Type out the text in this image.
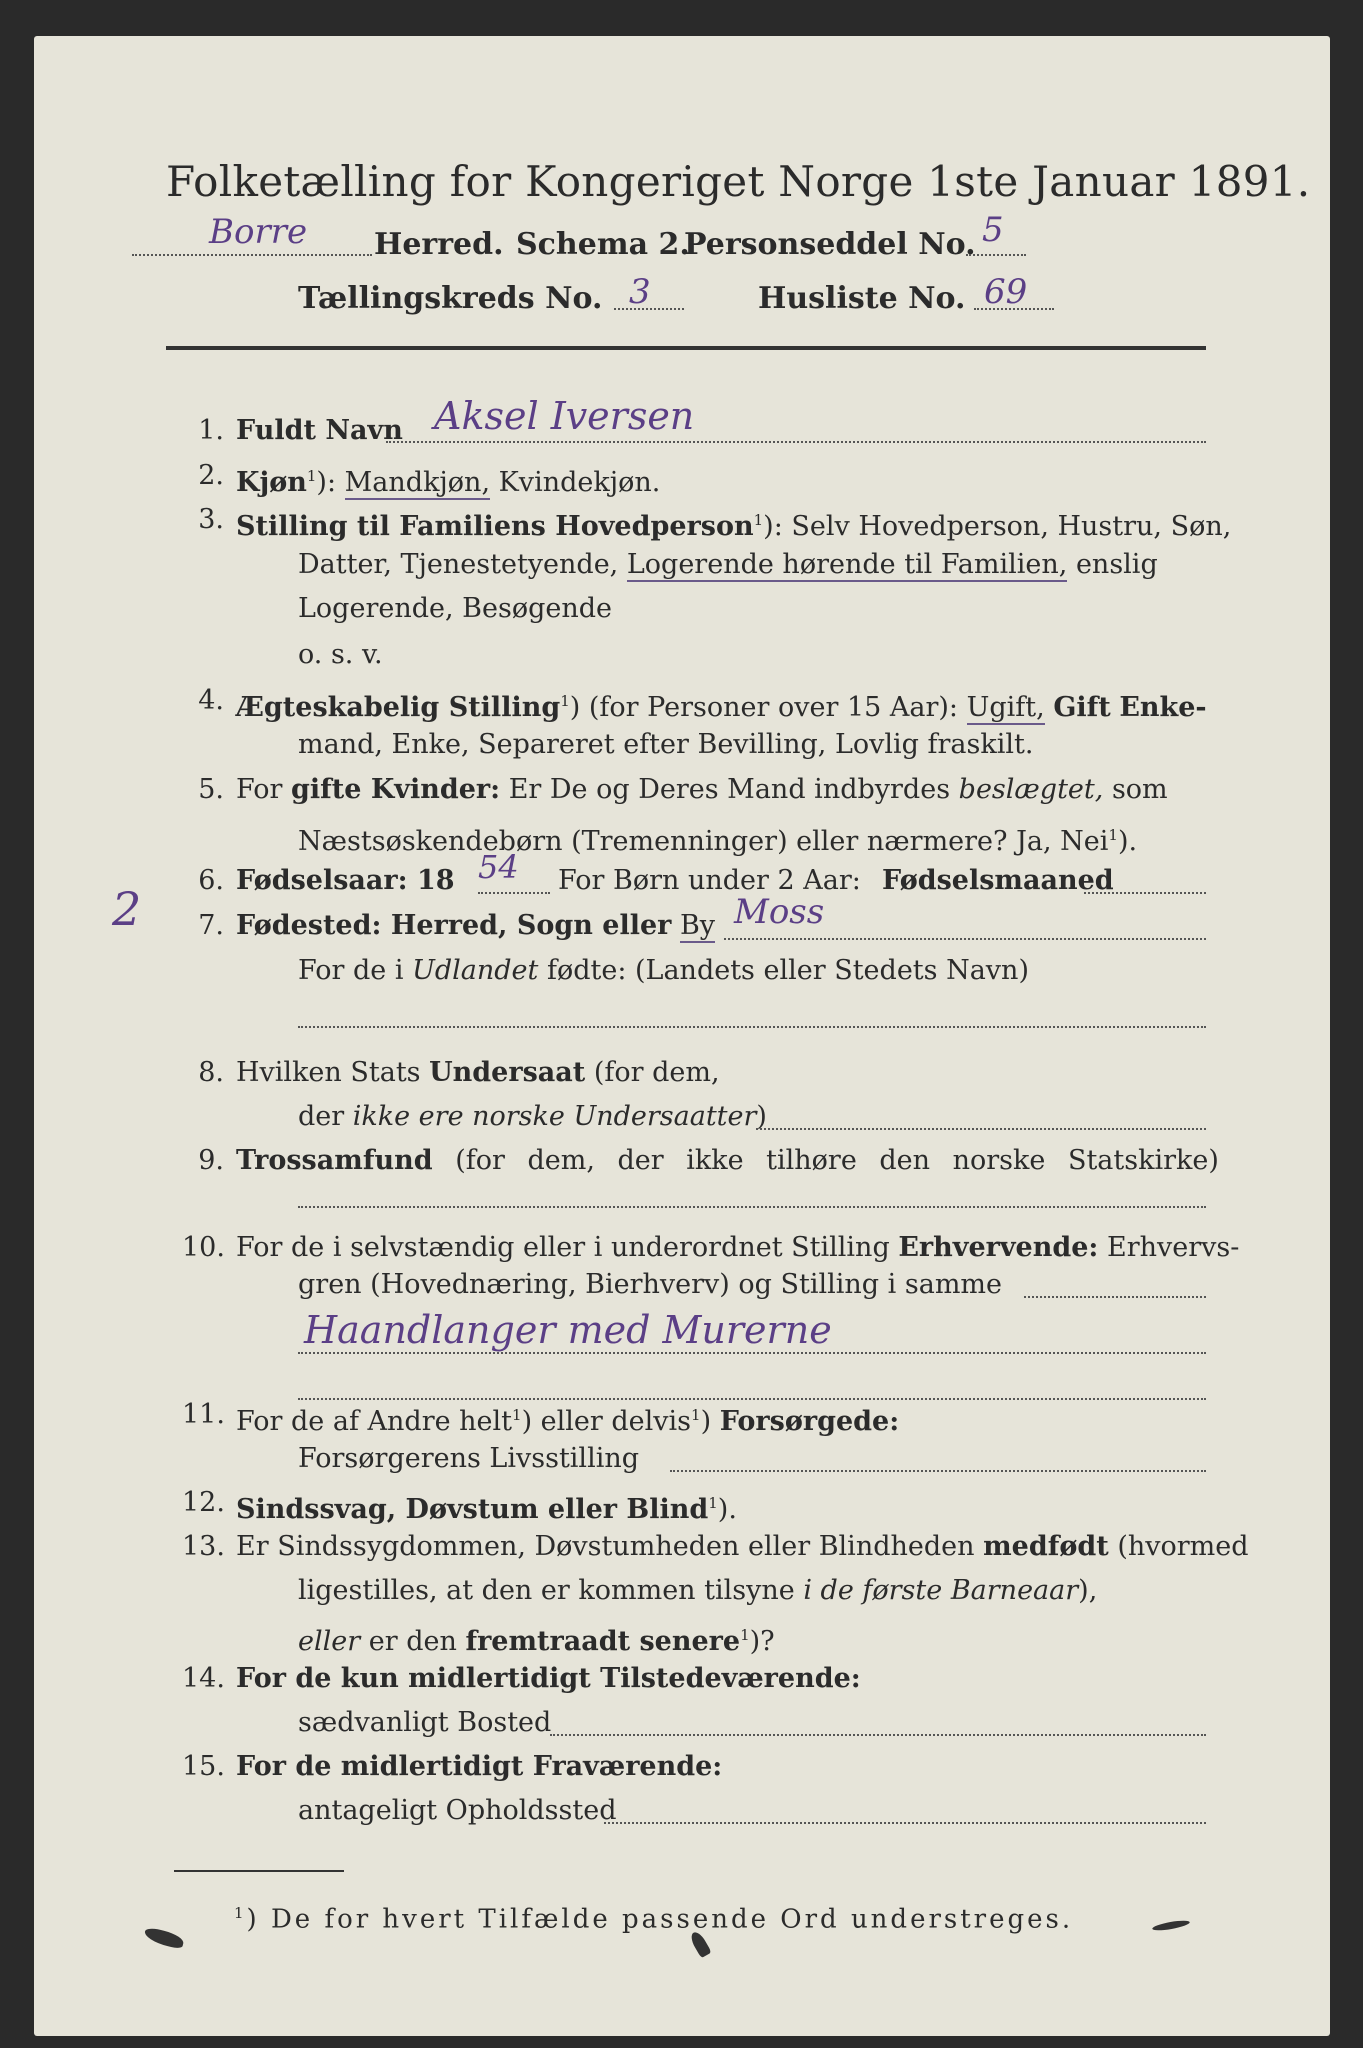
Folketælling for Kongeriget Norge 1ste Januar 1891.
Borre Herred. Schema 2.
Personseddel No. 5
Tællingskreds No. 3	Husliste No. 69
1. Fuldt Navn Aksel Iversen
2. Kjøn$^1$): Mandkjøn, Kvindekjøn.
3. Stilling til Familiens Hovedperson$^1$): Selv Hovedperson, Hustru, Søn,
Datter, Tjenestetyende, Logerende hørende til Familien, enslig
Logerende, Besøgende
o. s. v.
4. Ægteskabelig Stilling$^1$) (for Personer over 15 Aar): Ugift, Gift Enke-
mand, Enke, Separeret efter Bevilling, Lovlig fraskilt.
5. For gifte Kvinder: Er De og Deres Mand indbyrdes beslægtet, som
Næstsøskendebørn (Tremenninger) eller nærmere? Ja, Nei$^1$).
6. Fødselsaar: 18 54 For Børn under 2 Aar: Fødselsmaaned
2	7. Fødested: Herred, Sogn eller By Moss
For de i Udlandet fødte: (Landets eller Stedets Navn)
8. Hvilken Stats Undersaat (for dem,
der ikke ere norske Undersaatter)
9. Trossamfund (for dem, der ikke tilhøre den norske Statskirke)
10. For de i selvstændig eller i underordnet Stilling Erhvervende: Erhvervs-
gren (Hovednæring, Bierhverv) og Stilling i samme
Haandlanger med Murerne
11. For de af Andre helt$^1$) eller delvis$^1$) Forsørgede:
Forsørgerens Livsstilling
12. Sindssvag, Døvstum eller Blind$^1$).
13. Er Sindssygdommen, Døvstumheden eller Blindheden medfødt (hvormed
ligestilles, at den er kommen tilsyne i de første Barneaar),
eller er den fremtraadt senere$^1$)?
14. For de kun midlertidigt Tilstedeværende:
sædvanligt Bosted
15. For de midlertidigt Fraværende:
antageligt Opholdssted
$^1$) De for hvert Tilfælde passende Ord understreges.
